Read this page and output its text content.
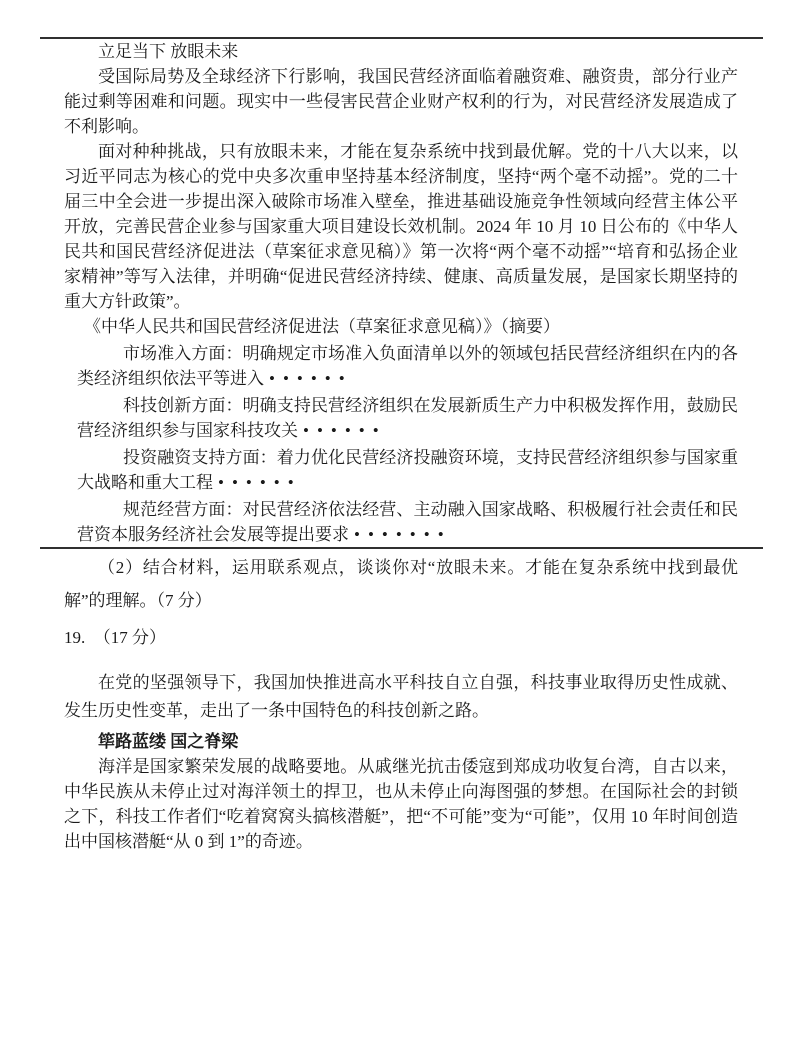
立足当下 放眼未来
受国际局势及全球经济下行影响，我国民营经济面临着融资难、融资贵，部分行业产能过剩等困难和问题。现实中一些侵害民营企业财产权利的行为，对民营经济发展造成了不利影响。
面对种种挑战，只有放眼未来，才能在复杂系统中找到最优解。党的十八大以来，以习近平同志为核心的党中央多次重申坚持基本经济制度，坚持“两个毫不动摇”。党的二十届三中全会进一步提出深入破除市场准入壁垒，推进基础设施竞争性领域向经营主体公平开放，完善民营企业参与国家重大项目建设长效机制。2024 年 10 月 10 日公布的《中华人民共和国民营经济促进法（草案征求意见稿）》第一次将“两个毫不动摇”“培育和弘扬企业家精神”等写入法律，并明确“促进民营经济持续、健康、高质量发展，是国家长期坚持的重大方针政策”。
《中华人民共和国民营经济促进法（草案征求意见稿）》（摘要）
市场准入方面：明确规定市场准入负面清单以外的领域包括民营经济组织在内的各类经济组织依法平等进入 ••••••
科技创新方面：明确支持民营经济组织在发展新质生产力中积极发挥作用，鼓励民营经济组织参与国家科技攻关 ••••••
投资融资支持方面：着力优化民营经济投融资环境，支持民营经济组织参与国家重大战略和重大工程 ••••••
规范经营方面：对民营经济依法经营、主动融入国家战略、积极履行社会责任和民营资本服务经济社会发展等提出要求 •••••••
（2）结合材料，运用联系观点，谈谈你对“放眼未来。才能在复杂系统中找到最优解”的理解。（7 分）
19.　（17 分）
在党的坚强领导下，我国加快推进高水平科技自立自强，科技事业取得历史性成就、发生历史性变革，走出了一条中国特色的科技创新之路。
筚路蓝缕 国之脊梁
海洋是国家繁荣发展的战略要地。从戚继光抗击倭寇到郑成功收复台湾，自古以来，中华民族从未停止过对海洋领土的捍卫，也从未停止向海图强的梦想。在国际社会的封锁之下，科技工作者们“吃着窝窝头搞核潜艇”，把“不可能”变为“可能”，仅用 10 年时间创造出中国核潜艇“从 0 到 1”的奇迹。
